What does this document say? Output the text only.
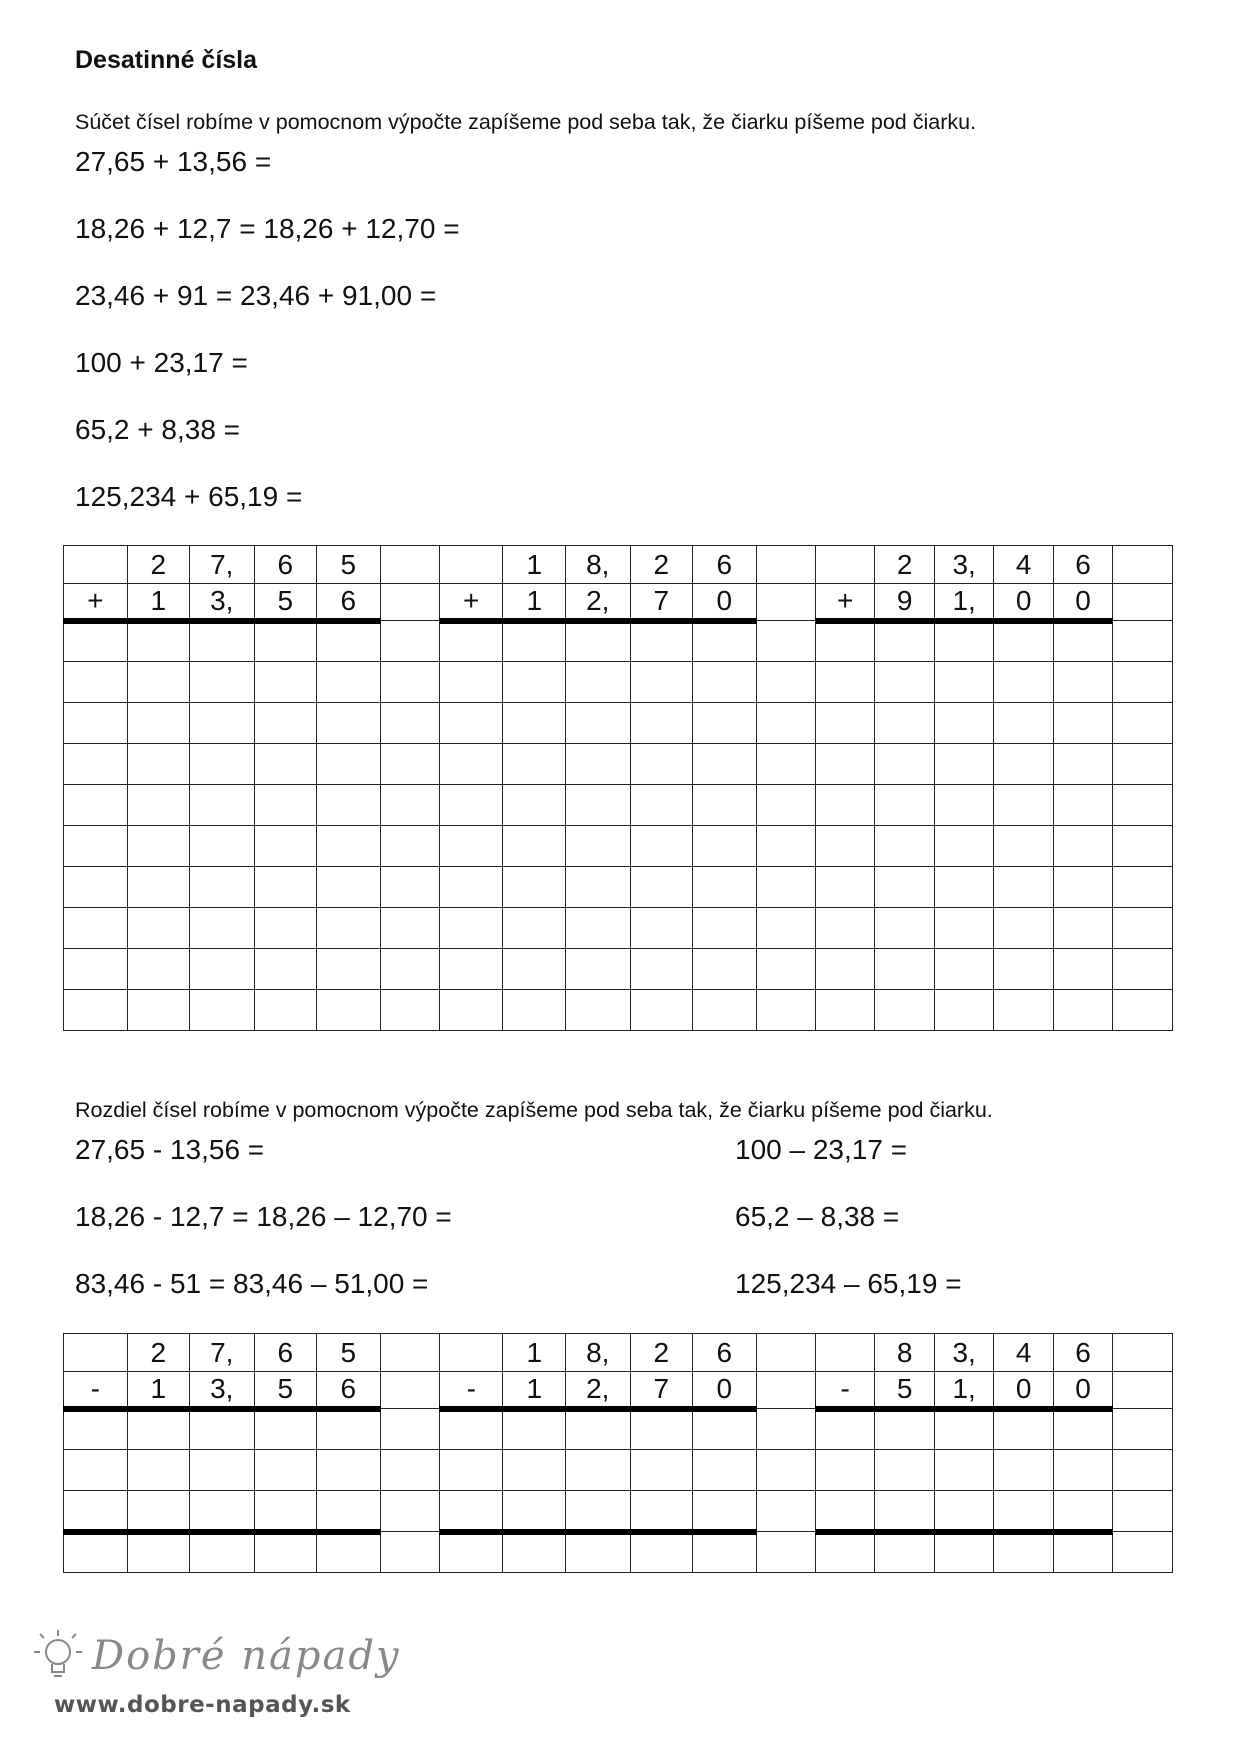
Desatinné čísla
Súčet čísel robíme v pomocnom výpočte zapíšeme pod seba tak, že čiarku píšeme pod čiarku.
27,65 + 13,56 =
18,26 + 12,7 = 18,26 + 12,70 =
23,46 + 91 = 23,46 + 91,00 =
100 + 23,17 =
65,2 + 8,38 =
125,234 + 65,19 =
	2	7,	6	5			1	8,	2	6			2	3,	4	6	
+	1	3,	5	6		+	1	2,	7	0		+	9	1,	0	0	

Rozdiel čísel robíme v pomocnom výpočte zapíšeme pod seba tak, že čiarku píšeme pod čiarku.
27,65 - 13,56 =
18,26 - 12,7 = 18,26 – 12,70 =
83,46 - 51 = 83,46 – 51,00 =
100 – 23,17 =
65,2 – 8,38 =
125,234 – 65,19 =
	2	7,	6	5			1	8,	2	6			8	3,	4	6	
-	1	3,	5	6		-	1	2,	7	0		-	5	1,	0	0	

Dobré nápady
www.dobre-napady.sk
